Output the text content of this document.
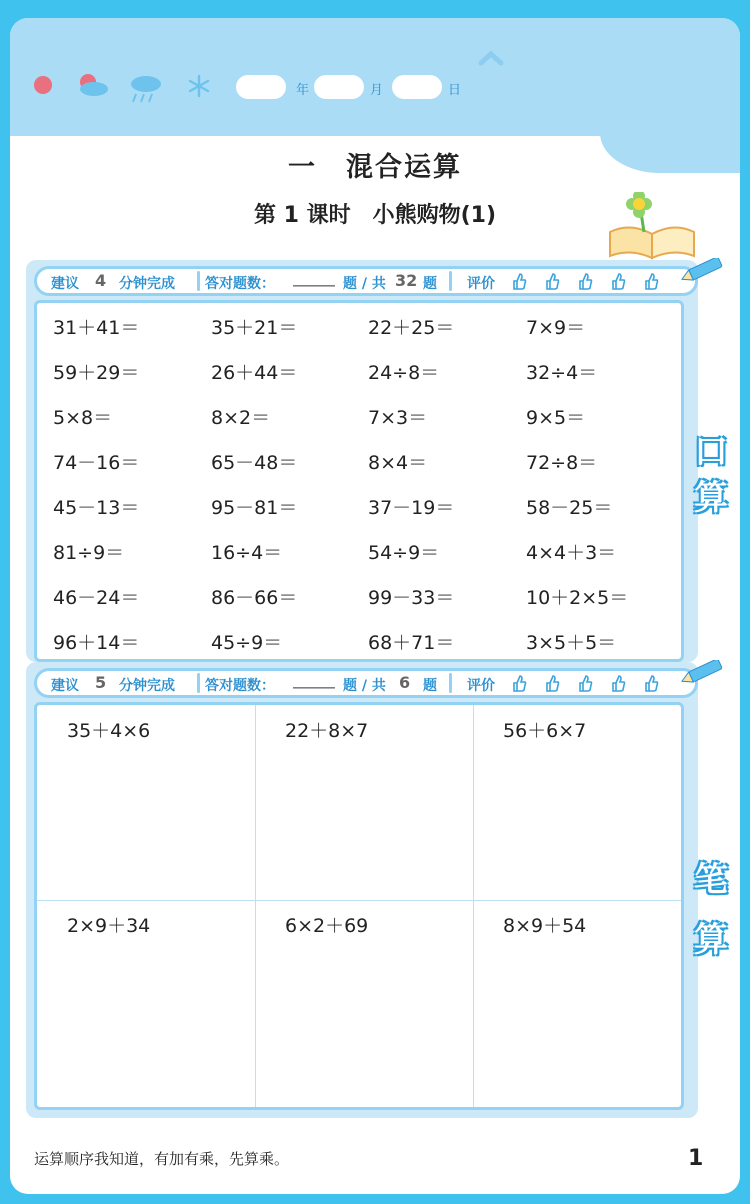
年	月	日
一　混合运算
第 1 课时　小熊购物(1)
建议 4 分钟完成 答对题数： ______ 题 / 共 32 题 评价
31＋41＝	35＋21＝	22＋25＝	7×9＝
59＋29＝	26＋44＝	24÷8＝	32÷4＝
5×8＝	8×2＝	7×3＝	9×5＝
74－16＝	65－48＝	8×4＝	72÷8＝
45－13＝	95－81＝	37－19＝	58－25＝
81÷9＝	16÷4＝	54÷9＝	4×4＋3＝
46－24＝	86－66＝	99－33＝	10＋2×5＝
96＋14＝	45÷9＝	68＋71＝	3×5＋5＝
口
算
建议 5 分钟完成 答对题数： ______ 题 / 共 6 题 评价
35＋4×6	22＋8×7	56＋6×7
2×9＋34	6×2＋69	8×9＋54
笔
算
运算顺序我知道，有加有乘，先算乘。	1
